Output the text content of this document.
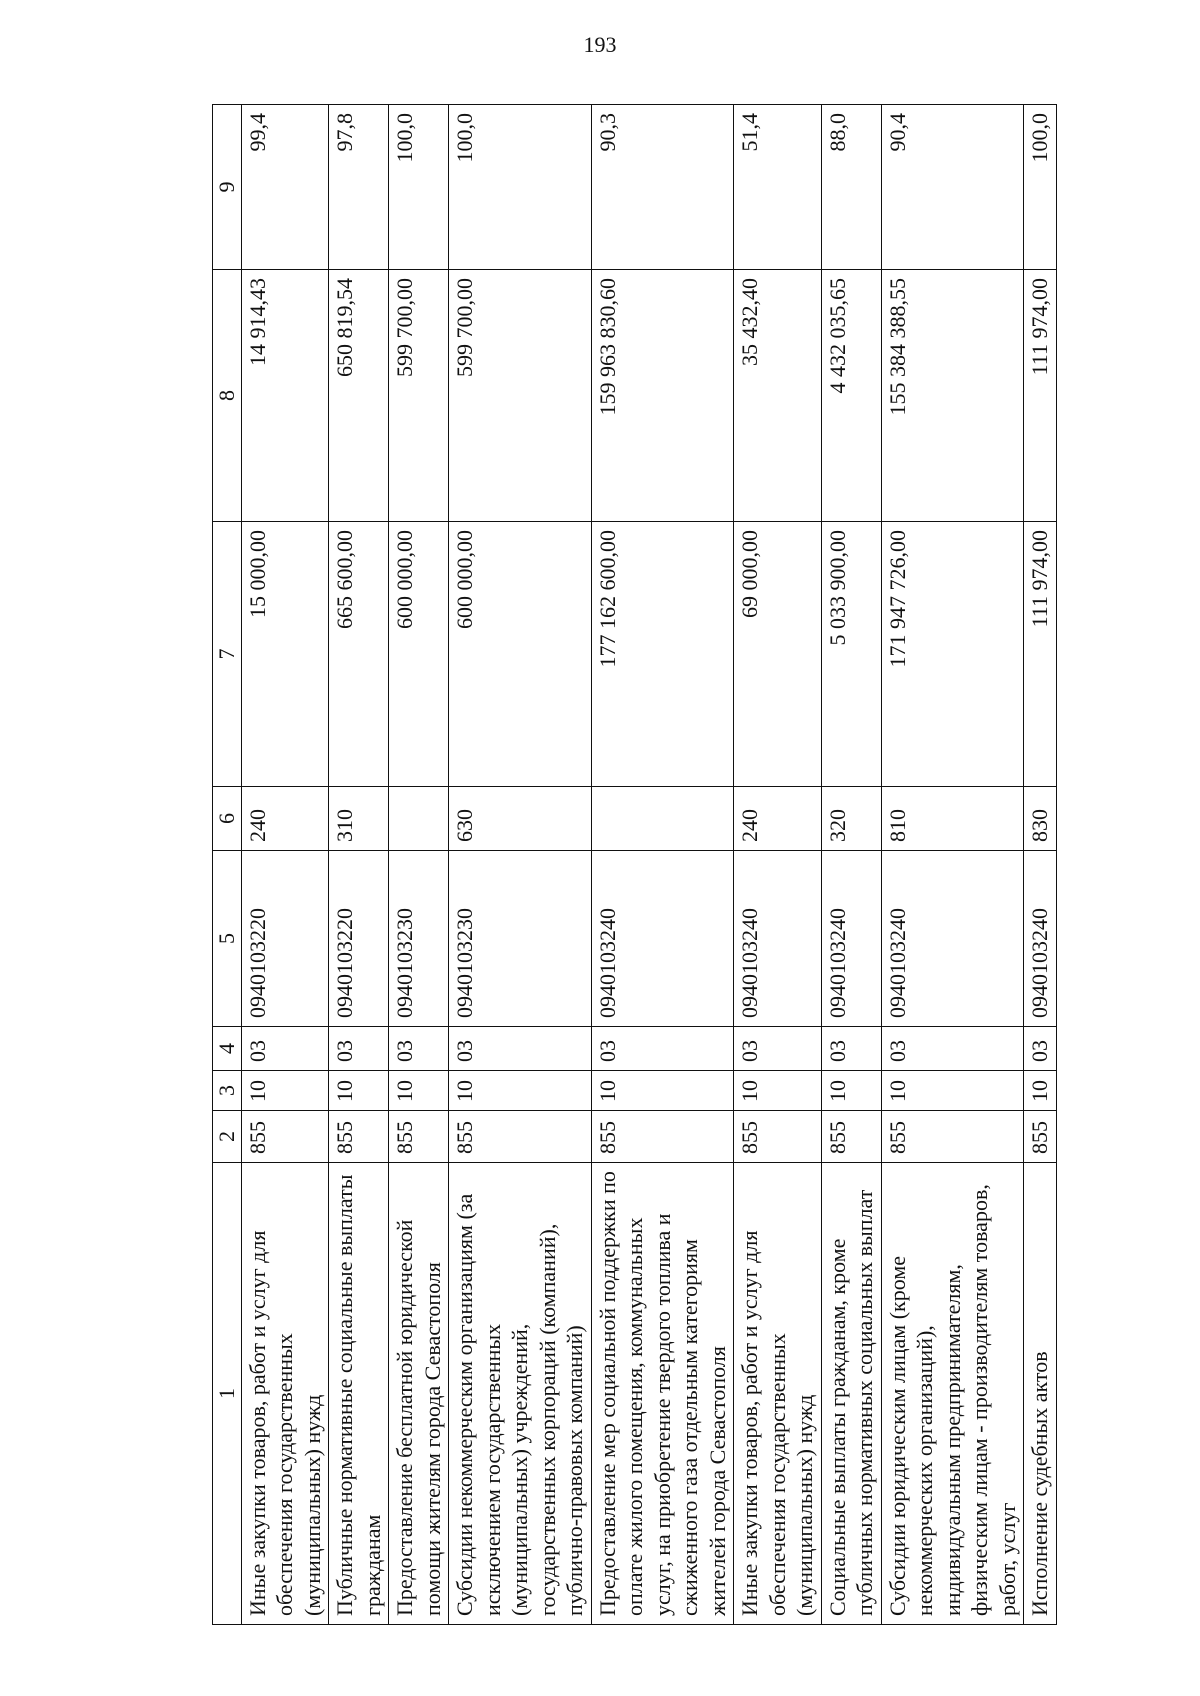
193
1	2	3	4	5	6	7	8	9
Иные закупки товаров, работ и услуг для обеспечения государственных (муниципальных) нужд	855	10	03	0940103220	240	15 000,00	14 914,43	99,4
Публичные нормативные социальные выплаты гражданам	855	10	03	0940103220	310	665 600,00	650 819,54	97,8
Предоставление бесплатной юридической помощи жителям города Севастополя	855	10	03	0940103230		600 000,00	599 700,00	100,0
Субсидии некоммерческим организациям (за исключением государственных (муниципальных) учреждений, государственных корпораций (компаний), публично-правовых компаний)	855	10	03	0940103230	630	600 000,00	599 700,00	100,0
Предоставление мер социальной поддержки по оплате жилого помещения, коммунальных услуг, на приобретение твердого топлива и сжиженного газа отдельным категориям жителей города Севастополя	855	10	03	0940103240		177 162 600,00	159 963 830,60	90,3
Иные закупки товаров, работ и услуг для обеспечения государственных (муниципальных) нужд	855	10	03	0940103240	240	69 000,00	35 432,40	51,4
Социальные выплаты гражданам, кроме публичных нормативных социальных выплат	855	10	03	0940103240	320	5 033 900,00	4 432 035,65	88,0
Субсидии юридическим лицам (кроме некоммерческих организаций), индивидуальным предпринимателям, физическим лицам - производителям товаров, работ, услуг	855	10	03	0940103240	810	171 947 726,00	155 384 388,55	90,4
Исполнение судебных актов	855	10	03	0940103240	830	111 974,00	111 974,00	100,0
